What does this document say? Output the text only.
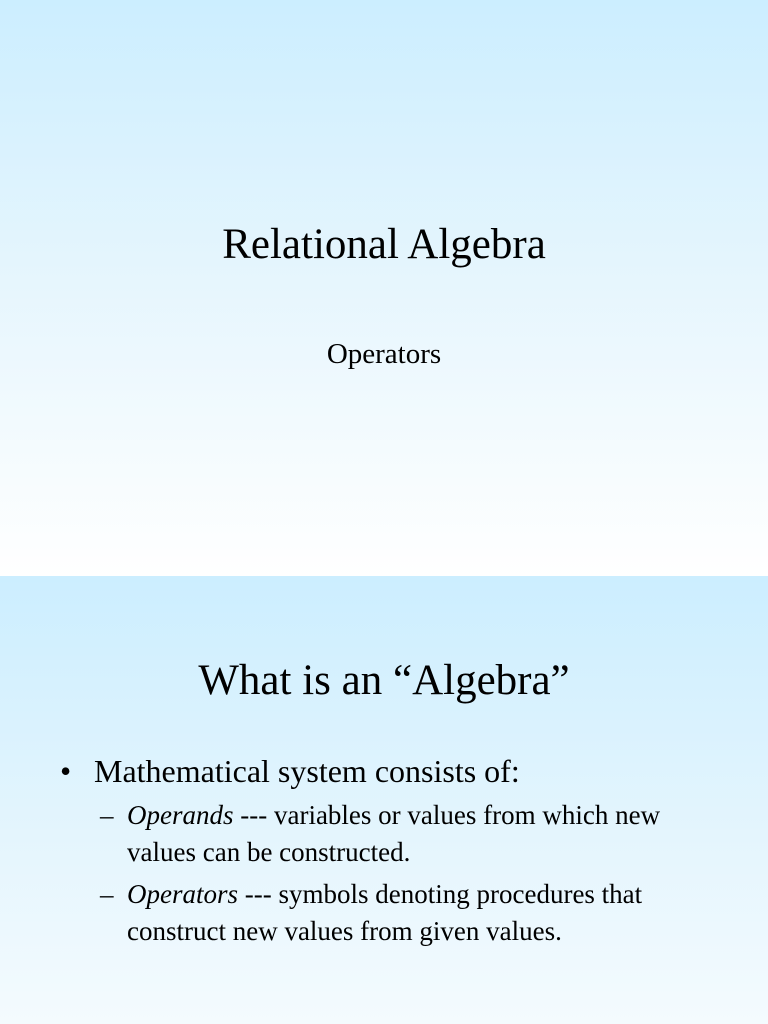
Relational Algebra
Operators
What is an “Algebra”
• Mathematical system consists of:
– Operands --- variables or values from which new values can be constructed.
– Operators --- symbols denoting procedures that construct new values from given values.
